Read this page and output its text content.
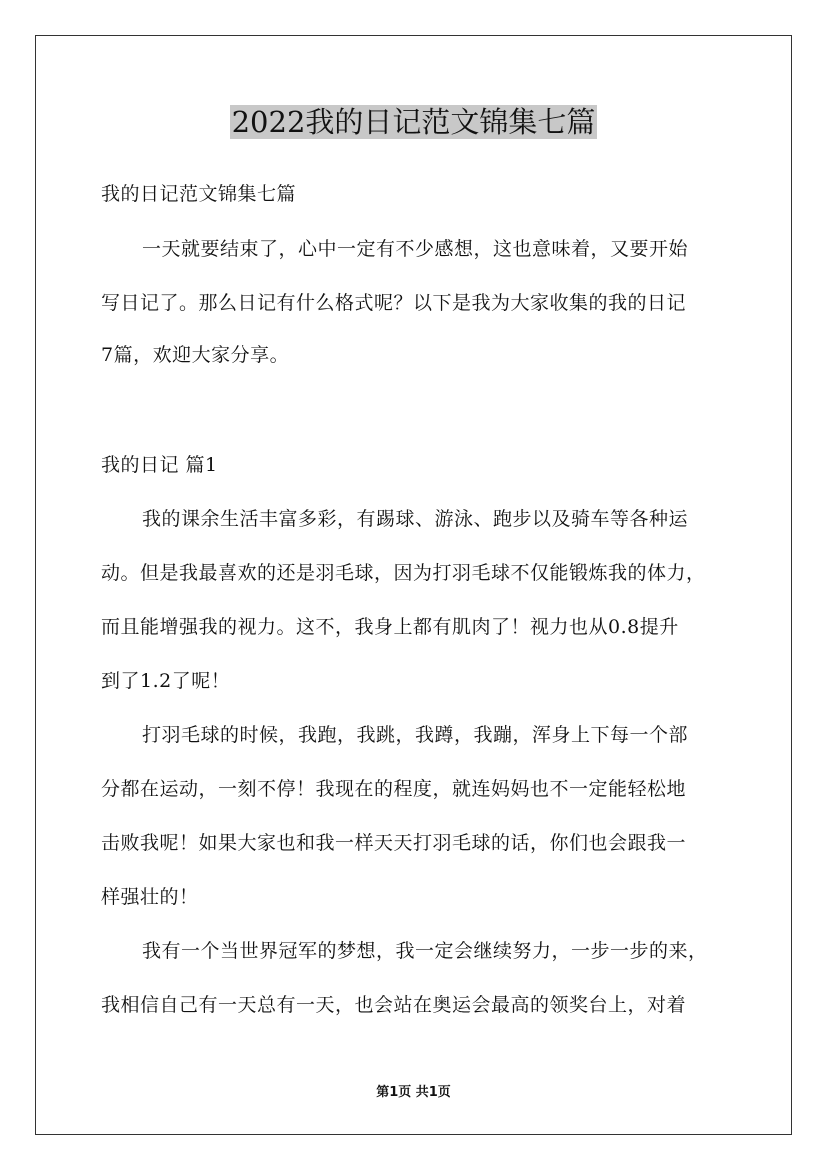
2022我的日记范文锦集七篇
我的日记范文锦集七篇
一天就要结束了，心中一定有不少感想，这也意味着，又要开始
写日记了。那么日记有什么格式呢？以下是我为大家收集的我的日记
7篇，欢迎大家分享。
我的日记 篇1
我的课余生活丰富多彩，有踢球、游泳、跑步以及骑车等各种运
动。但是我最喜欢的还是羽毛球，因为打羽毛球不仅能锻炼我的体力，
而且能增强我的视力。这不，我身上都有肌肉了！视力也从0.8提升
到了1.2了呢！
打羽毛球的时候，我跑，我跳，我蹲，我蹦，浑身上下每一个部
分都在运动，一刻不停！我现在的程度，就连妈妈也不一定能轻松地
击败我呢！如果大家也和我一样天天打羽毛球的话，你们也会跟我一
样强壮的！
我有一个当世界冠军的梦想，我一定会继续努力，一步一步的来，
我相信自己有一天总有一天，也会站在奥运会最高的领奖台上，对着
第1页 共1页
